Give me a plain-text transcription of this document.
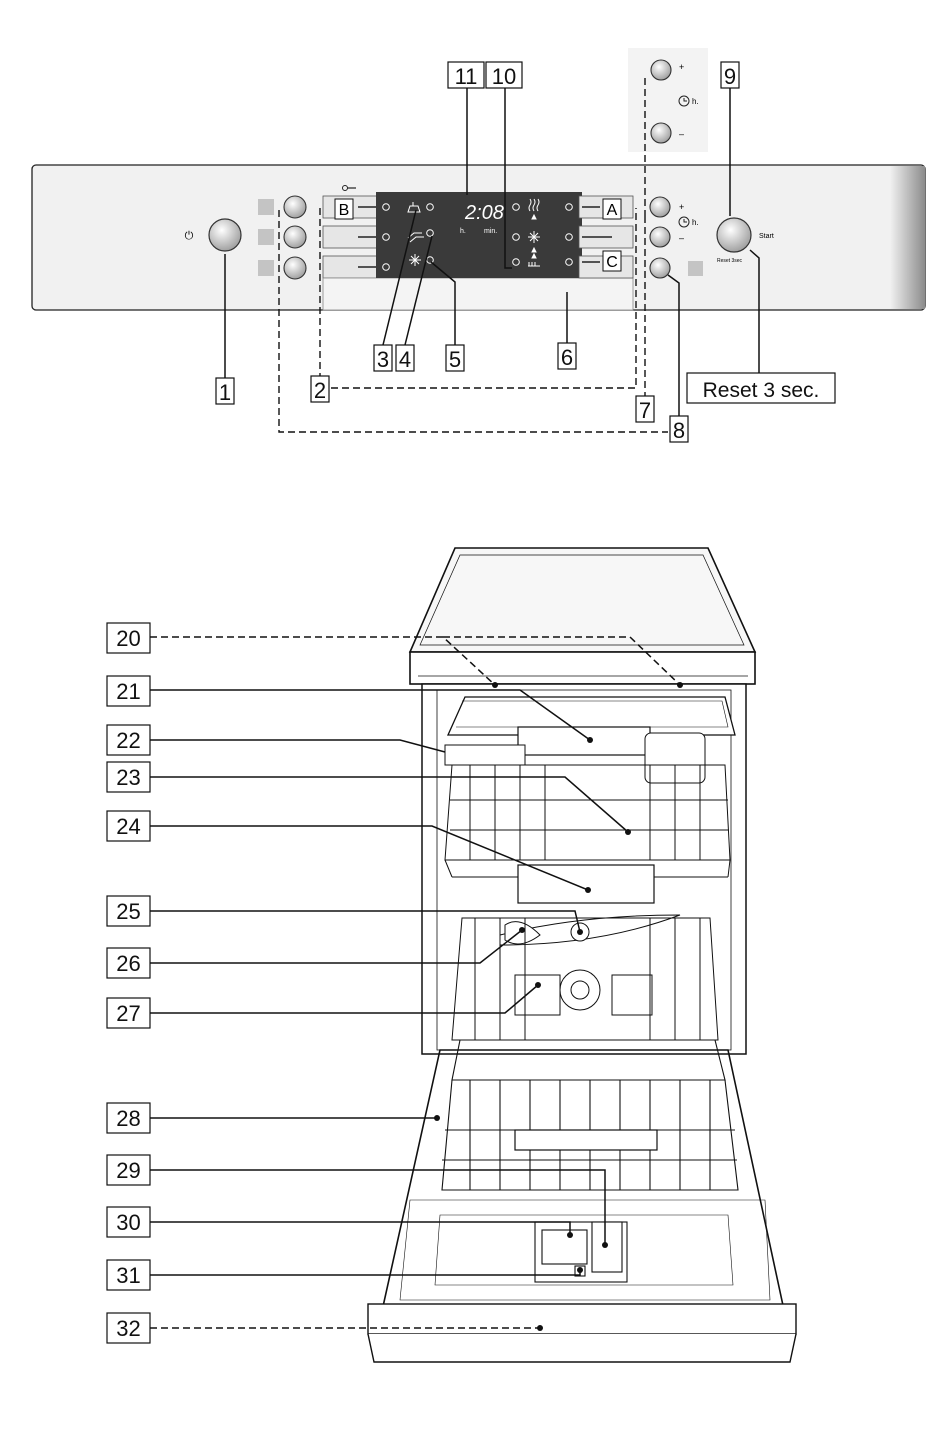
⏻
2:08
h.	min.
B	A
C
+
–
h.
Start
Reset 3sec
+
–
h.
1	2
3 4 5	6
7
8
9
10
11
Reset 3 sec.
20
21
22
23
24
25
26
27
28
29
30
31
32
